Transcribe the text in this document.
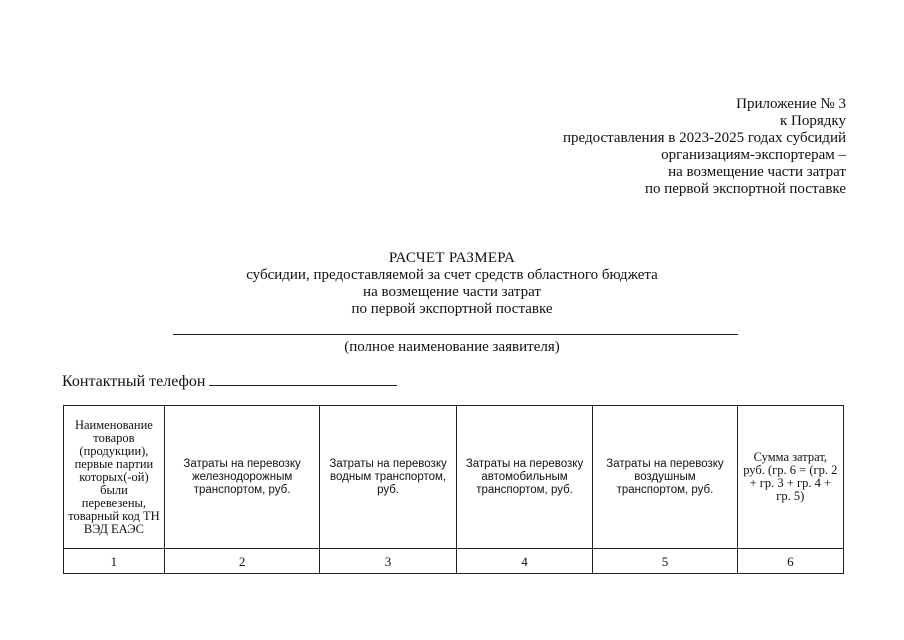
Приложение № 3
к Порядку
предоставления в 2023-2025 годах субсидий
организациям-экспортерам –
на возмещение части затрат
по первой экспортной поставке
РАСЧЕТ РАЗМЕРА
субсидии, предоставляемой за счет средств областного бюджета
на возмещение части затрат
по первой экспортной поставке
(полное наименование заявителя)
Контактный телефон
Наименование товаров (продукции), первые партии которых(-ой) были перевезены, товарный код ТН ВЭД ЕАЭС	Затраты на перевозку железнодорожным транспортом, руб.	Затраты на перевозку водным транспортом, руб.	Затраты на перевозку автомобильным транспортом, руб.	Затраты на перевозку воздушным транспортом, руб.	Сумма затрат, руб. (гр. 6 = (гр. 2 + гр. 3 + гр. 4 + гр. 5)
1	2	3	4	5	6
